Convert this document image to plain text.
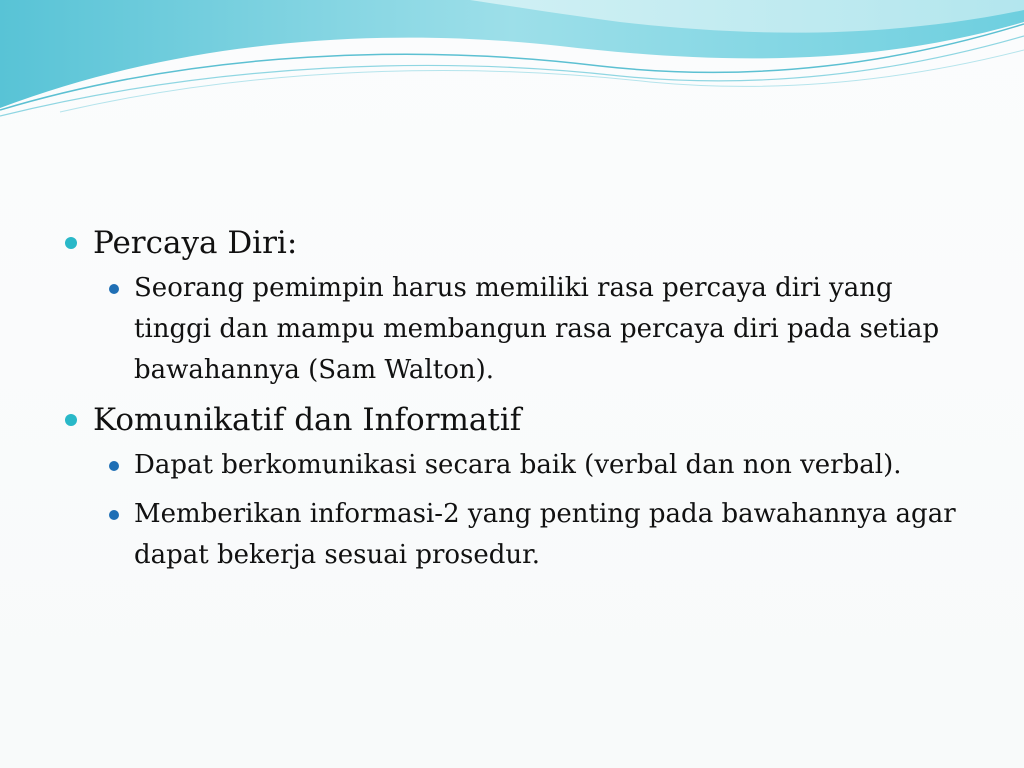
Percaya Diri:
Seorang pemimpin harus memiliki rasa percaya diri yang tinggi dan mampu membangun rasa percaya diri pada setiap bawahannya (Sam Walton).
Komunikatif dan Informatif
Dapat berkomunikasi secara baik (verbal dan non verbal).
Memberikan informasi-2 yang penting pada bawahannya agar dapat bekerja sesuai prosedur.
